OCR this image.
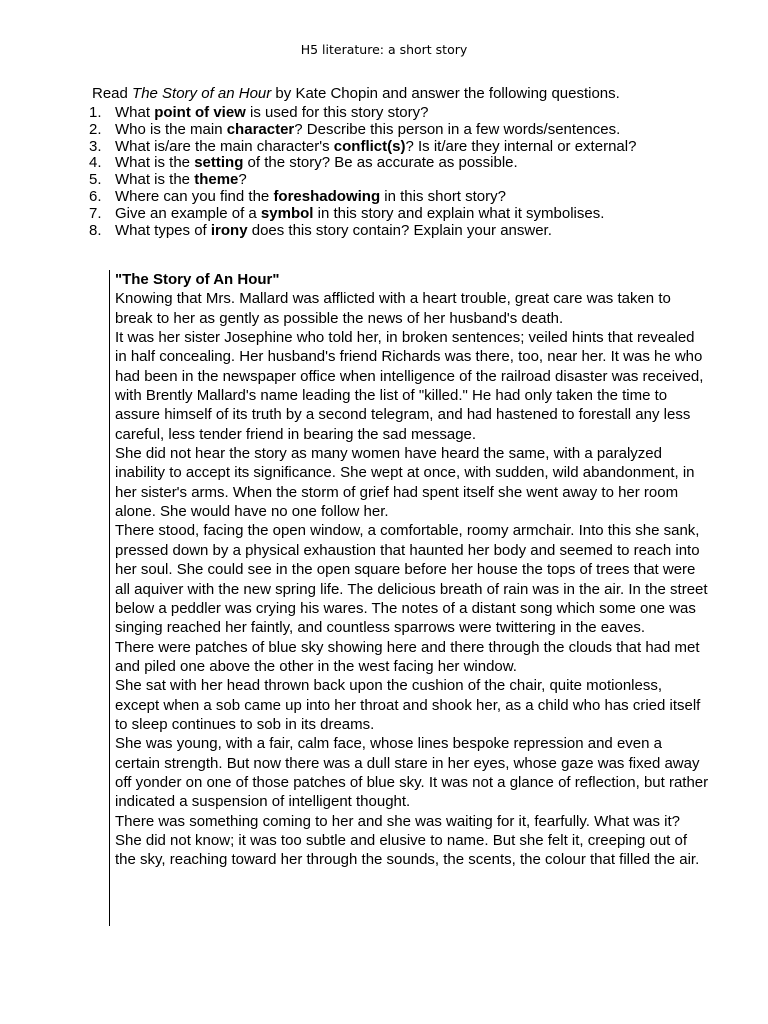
H5 literature: a short story
Read The Story of an Hour by Kate Chopin and answer the following questions.
1. What point of view is used for this story story?
2. Who is the main character? Describe this person in a few words/sentences.
3. What is/are the main character's conflict(s)? Is it/are they internal or external?
4. What is the setting of the story? Be as accurate as possible.
5. What is the theme?
6. Where can you find the foreshadowing in this short story?
7. Give an example of a symbol in this story and explain what it symbolises.
8. What types of irony does this story contain? Explain your answer.

"The Story of An Hour"

Knowing that Mrs. Mallard was afflicted with a heart trouble, great care was taken to break to her as gently as possible the news of her husband's death.

It was her sister Josephine who told her, in broken sentences; veiled hints that revealed in half concealing. Her husband's friend Richards was there, too, near her. It was he who had been in the newspaper office when intelligence of the railroad disaster was received, with Brently Mallard's name leading the list of "killed." He had only taken the time to assure himself of its truth by a second telegram, and had hastened to forestall any less careful, less tender friend in bearing the sad message.

She did not hear the story as many women have heard the same, with a paralyzed inability to accept its significance. She wept at once, with sudden, wild abandonment, in her sister's arms. When the storm of grief had spent itself she went away to her room alone. She would have no one follow her.

There stood, facing the open window, a comfortable, roomy armchair. Into this she sank, pressed down by a physical exhaustion that haunted her body and seemed to reach into her soul. She could see in the open square before her house the tops of trees that were all aquiver with the new spring life. The delicious breath of rain was in the air. In the street below a peddler was crying his wares. The notes of a distant song which some one was singing reached her faintly, and countless sparrows were twittering in the eaves.

There were patches of blue sky showing here and there through the clouds that had met and piled one above the other in the west facing her window.

She sat with her head thrown back upon the cushion of the chair, quite motionless, except when a sob came up into her throat and shook her, as a child who has cried itself to sleep continues to sob in its dreams.

She was young, with a fair, calm face, whose lines bespoke repression and even a certain strength. But now there was a dull stare in her eyes, whose gaze was fixed away off yonder on one of those patches of blue sky. It was not a glance of reflection, but rather indicated a suspension of intelligent thought.

There was something coming to her and she was waiting for it, fearfully. What was it? She did not know; it was too subtle and elusive to name. But she felt it, creeping out of the sky, reaching toward her through the sounds, the scents, the colour that filled the air.
